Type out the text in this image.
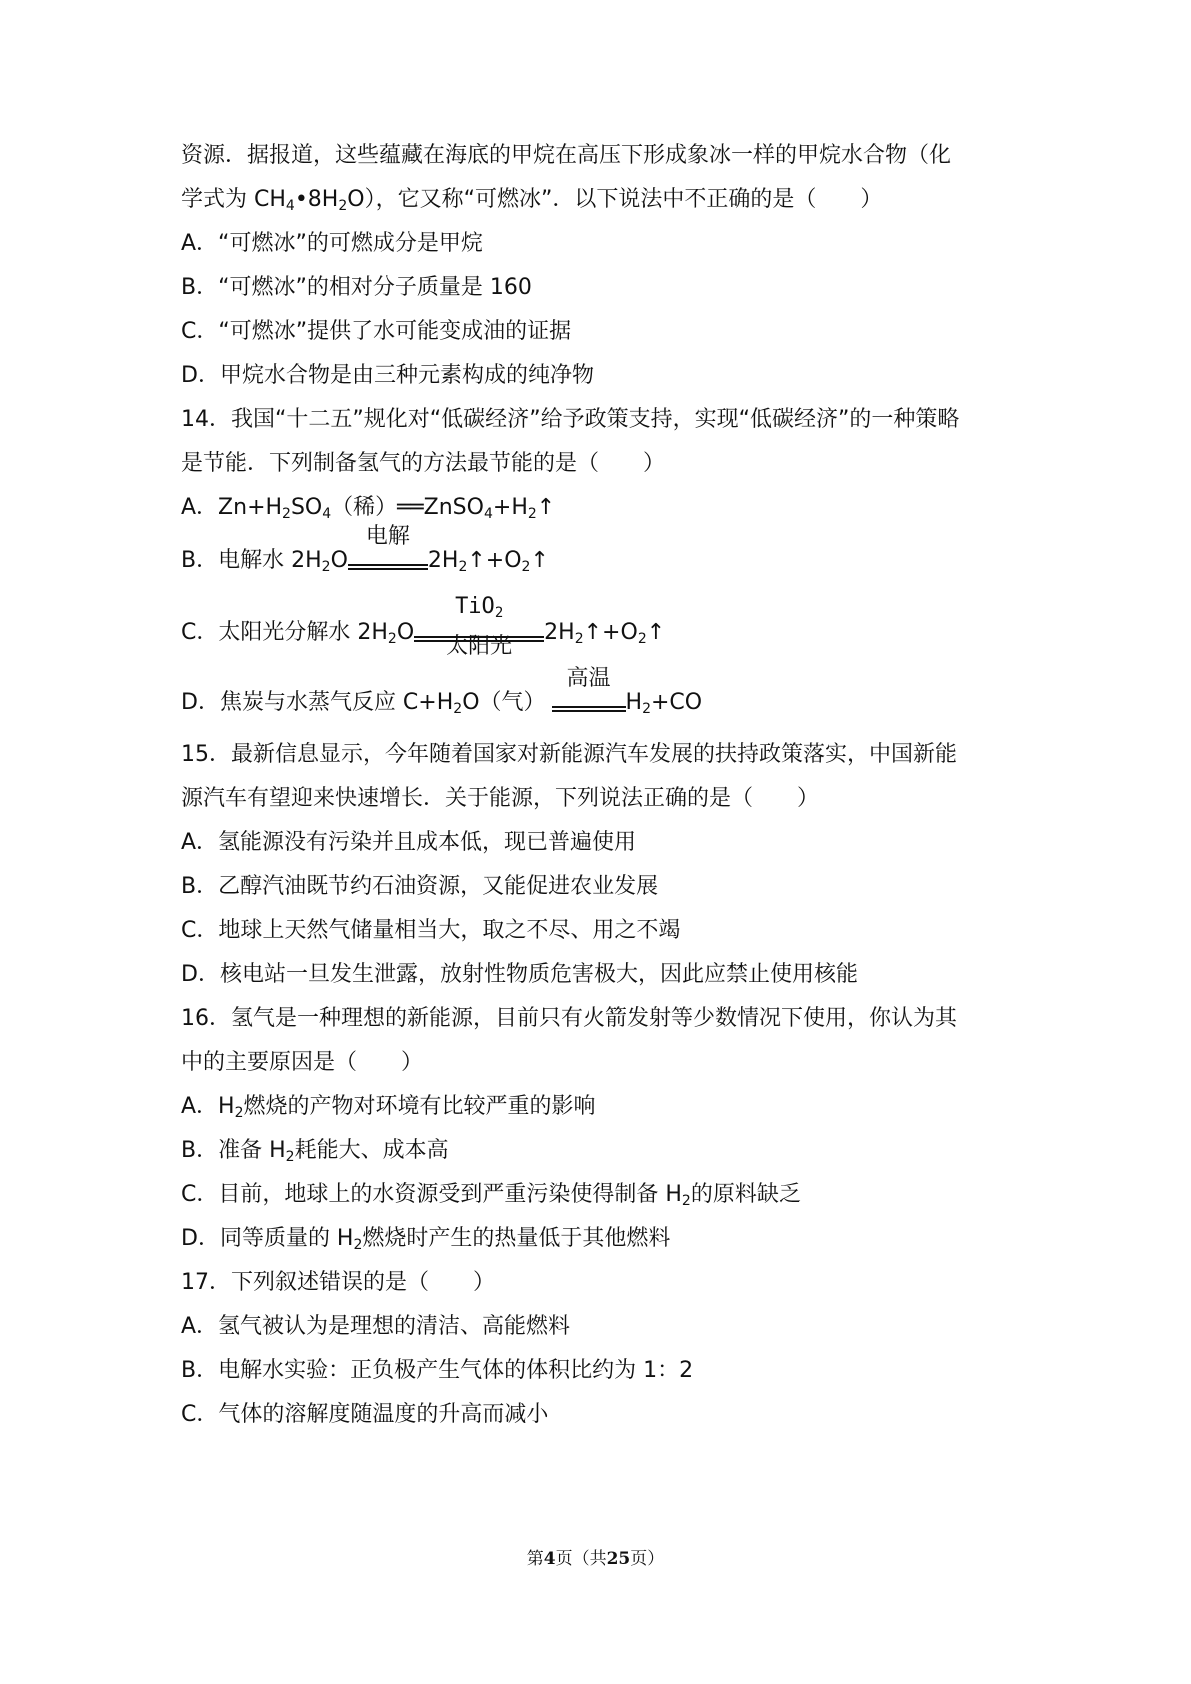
资源．据报道，这些蕴藏在海底的甲烷在高压下形成象冰一样的甲烷水合物（化
学式为 $CH_4•8H_2O$），它又称“可燃冰”．以下说法中不正确的是（　　）
A．“可燃冰”的可燃成分是甲烷
B．“可燃冰”的相对分子质量是 160
C．“可燃冰”提供了水可能变成油的证据
D．甲烷水合物是由三种元素构成的纯净物
14．我国“十二五”规化对“低碳经济”给予政策支持，实现“低碳经济”的一种策略
是节能．下列制备氢气的方法最节能的是（　　）
A．$Zn+H_2SO_4$（稀）$══ZnSO_4+H_2↑$
B．电解水 $2H_2O$
电解
$2H_2↑+O_2↑$
C．太阳光分解水 $2H_2O$
TiO$_2$
太阳光
$2H_2↑+O_2↑$
D．焦炭与水蒸气反应 $C+H_2O$（气）
高温
$H_2+CO$
15．最新信息显示，今年随着国家对新能源汽车发展的扶持政策落实，中国新能
源汽车有望迎来快速增长．关于能源，下列说法正确的是（　　）
A．氢能源没有污染并且成本低，现已普遍使用
B．乙醇汽油既节约石油资源，又能促进农业发展
C．地球上天然气储量相当大，取之不尽、用之不竭
D．核电站一旦发生泄露，放射性物质危害极大，因此应禁止使用核能
16．氢气是一种理想的新能源，目前只有火箭发射等少数情况下使用，你认为其
中的主要原因是（　　）
A．$H_2$燃烧的产物对环境有比较严重的影响
B．准备 $H_2$耗能大、成本高
C．目前，地球上的水资源受到严重污染使得制备 $H_2$的原料缺乏
D．同等质量的 $H_2$燃烧时产生的热量低于其他燃料
17．下列叙述错误的是（　　）
A．氢气被认为是理想的清洁、高能燃料
B．电解水实验：正负极产生气体的体积比约为 1：2
C．气体的溶解度随温度的升高而减小
第4页（共25页）
